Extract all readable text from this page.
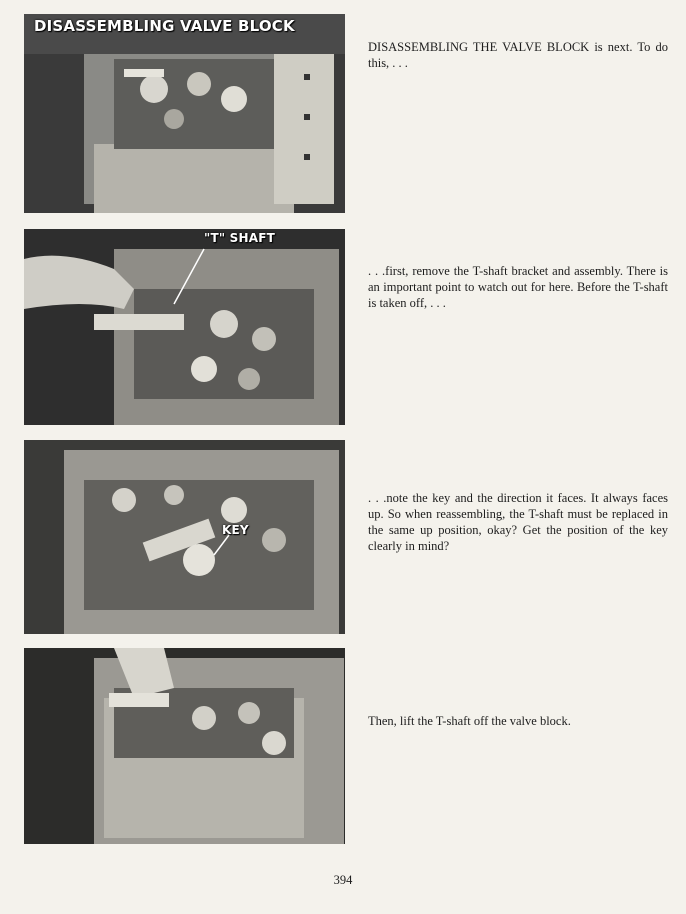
DISASSEMBLING VALVE BLOCK

DISASSEMBLING THE VALVE BLOCK is next. To do this, . . .

"T" SHAFT

. . .first, remove the T-shaft bracket and assembly. There is an important point to watch out for here. Before the T-shaft is taken off, . . .

KEY

. . .note the key and the direction it faces. It always faces up. So when reassembling, the T-shaft must be replaced in the same up position, okay? Get the position of the key clearly in mind?

Then, lift the T-shaft off the valve block.

394
